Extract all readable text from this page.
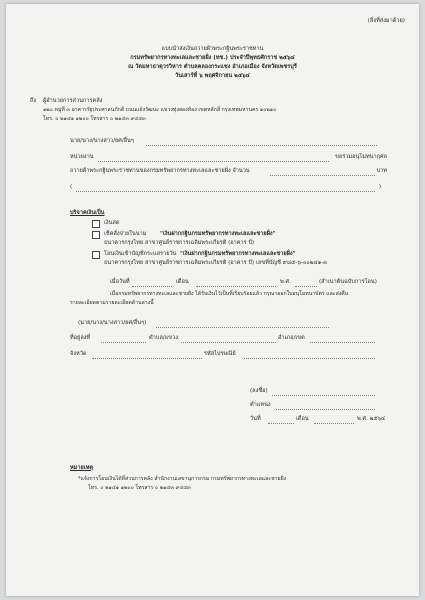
(สิ่งที่ส่งมาด้วย)
แบบนำส่งเงินถวายผ้าพระกฐินพระราชทาน
กรมทรัพยากรทางทะเลและชายฝั่ง (ทช.) ประจำปีพุทธศักราช ๒๕๖๔
ณ วัดมหาธาตุวรวิหาร ตำบลคลองกระแชง อำเภอเมือง จังหวัดเพชรบุรี
วันเสาร์ที่ ๖ พฤศจิกายน ๒๕๖๔
ถึง ผู้อำนวยการส่วนการคลัง
๑๒๐ หมู่ที่ ๓ อาคารรัฐประศาสนภักดี ถนนแจ้งวัฒนะ แขวงทุ่งสองห้อง เขตหลักสี่ กรุงเทพมหานคร ๑๐๒๑๐
โทร. ๐ ๒๑๔๑ ๑๒๐๐ โทรสาร ๐ ๒๑๔๓ ๙๔๔๓
นาย/นาง/นางสาว/ยศ/อื่นๆ
หน่วยงาน	ขอร่วมอนุโมทนากุศล
ถวายผ้าพระกฐินพระราชทานของกรมทรัพยากรทางทะเลและชายฝั่ง จำนวน	บาท
(	)
บริจาคเงินเป็น
เงินสด
เช็คสั่งจ่ายในนาม "เงินฝากกฐินกรมทรัพยากรทางทะเลและชายฝั่ง"
ธนาคารกรุงไทย สาขาศูนย์ราชการเฉลิมพระเกียรติ (อาคาร บี)
โอนเงินเข้าบัญชีกระแสรายวัน "เงินฝากกฐินกรมทรัพยากรทางทะเลและชายฝั่ง"
ธนาคารกรุงไทย สาขาศูนย์ราชการเฉลิมพระเกียรติ (อาคาร บี) เลขที่บัญชี ๙๘๕-๖-๐๐๒๔๑-๓
เมื่อวันที่	เดือน	พ.ศ.	(สำเนาต้นฉบับการโอน)
เมื่อกรมทรัพยากรทางทะเลและชายฝั่ง ได้รับเงินไว้เป็นที่เรียบร้อยแล้ว กรุณาออกใบอนุโมทนาบัตร และส่งคืน
รายละเอียดตามรายละเอียดด้านล่างนี้
(นาย/นาง/นางสาว/ยศ/อื่นๆ)
ที่อยู่ลงที่	ตำบล/แขวง	อำเภอ/เขต
จังหวัด	รหัสไปรษณีย์
(ลงชื่อ)
ตำแหน่ง
วันที่	เดือน	พ.ศ. ๒๕๖๔
หมายเหตุ
*แจ้งการโอนเงินได้ที่ส่วนการคลัง สำนักงานเลขานุการกรม กรมทรัพยากรทางทะเลและชายฝั่ง
โทร. ๐ ๒๑๔๑ ๑๒๐๐ โทรสาร ๐ ๒๑๔๓ ๙๔๔๓
